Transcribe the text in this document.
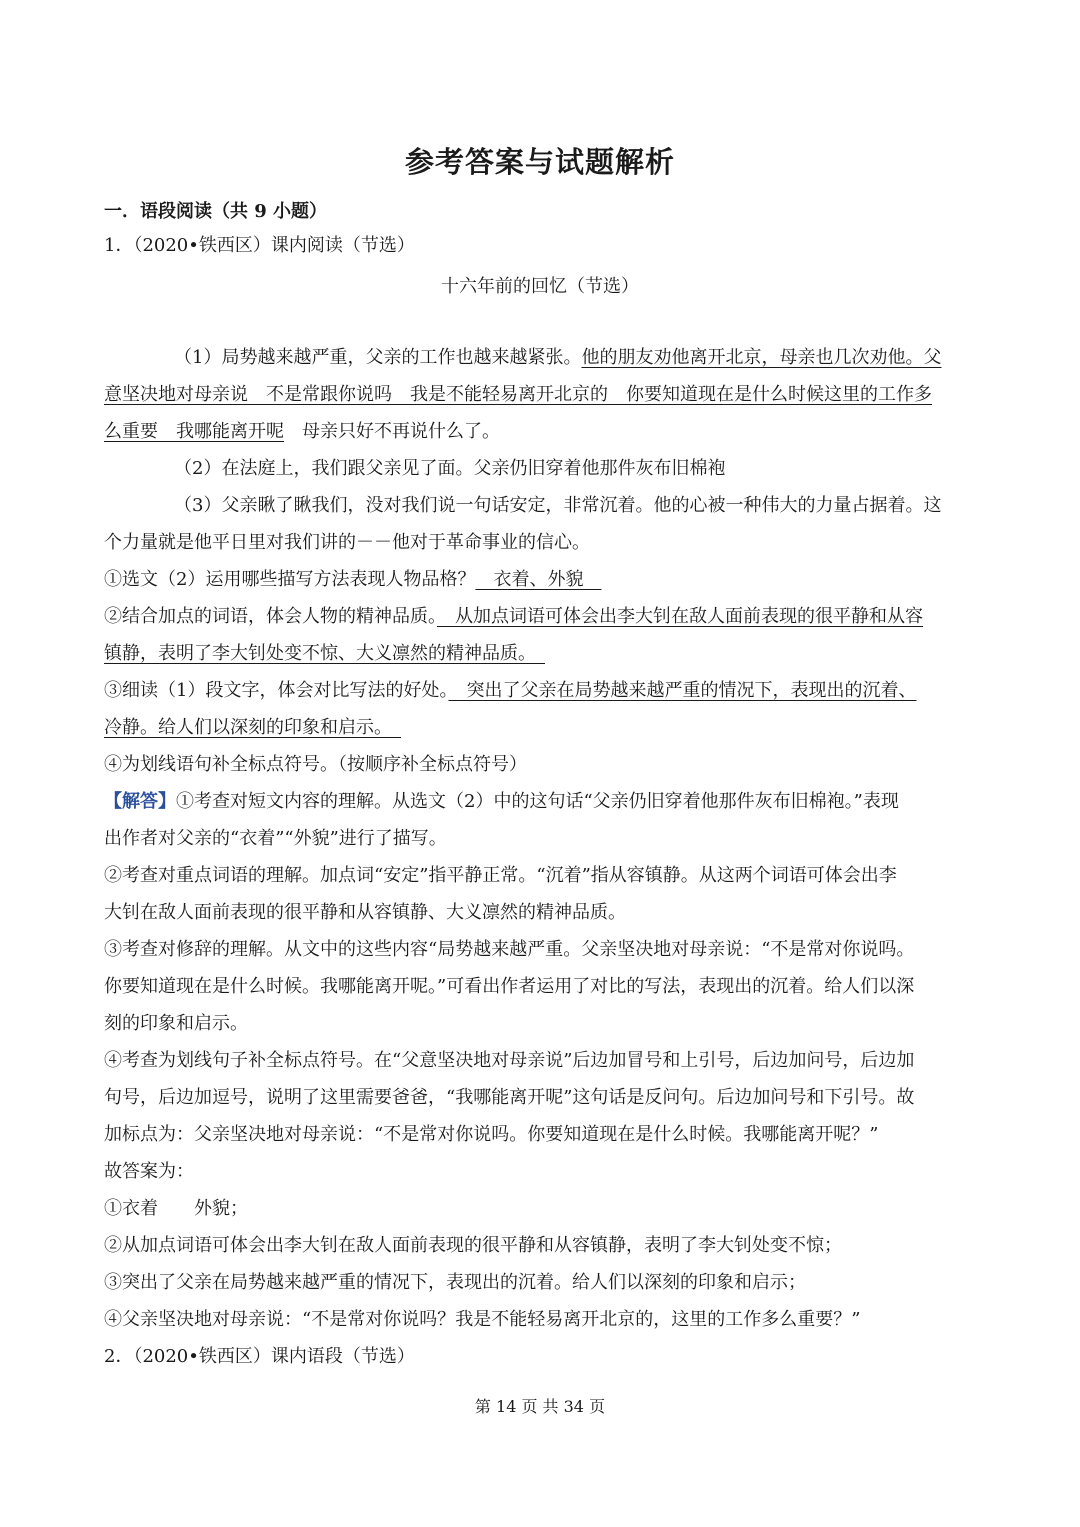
参考答案与试题解析
一．语段阅读（共 9 小题）
1．（2020•铁西区）课内阅读（节选）
十六年前的回忆（节选）
（1）局势越来越严重，父亲的工作也越来越紧张。他的朋友劝他离开北京，母亲也几次劝他。父
意坚决地对母亲说　不是常跟你说吗　我是不能轻易离开北京的　你要知道现在是什么时候这里的工作多
么重要　我哪能离开呢　 母亲只好不再说什么了。
（2）在法庭上，我们跟父亲见了面。父亲仍旧穿着他那件灰布旧棉袍
（3）父亲瞅了瞅我们，没对我们说一句话安定，非常沉着。他的心被一种伟大的力量占据着。这
个力量就是他平日里对我们讲的－－他对于革命事业的信心。
①选文（2）运用哪些描写方法表现人物品格？　衣着、外貌　
②结合加点的词语，体会人物的精神品质。　从加点词语可体会出李大钊在敌人面前表现的很平静和从容
镇静，表明了李大钊处变不惊、大义凛然的精神品质。　
③细读（1）段文字，体会对比写法的好处。　突出了父亲在局势越来越严重的情况下，表现出的沉着、
冷静。给人们以深刻的印象和启示。　
④为划线语句补全标点符号。（按顺序补全标点符号）
【解答】①考查对短文内容的理解。从选文（2）中的这句话“父亲仍旧穿着他那件灰布旧棉袍。”表现
出作者对父亲的“衣着”“外貌”进行了描写。
②考查对重点词语的理解。加点词“安定”指平静正常。“沉着”指从容镇静。从这两个词语可体会出李
大钊在敌人面前表现的很平静和从容镇静、大义凛然的精神品质。
③考查对修辞的理解。从文中的这些内容“局势越来越严重。父亲坚决地对母亲说：“不是常对你说吗。
你要知道现在是什么时候。我哪能离开呢。”可看出作者运用了对比的写法，表现出的沉着。给人们以深
刻的印象和启示。
④考查为划线句子补全标点符号。在“父意坚决地对母亲说”后边加冒号和上引号，后边加问号，后边加
句号，后边加逗号，说明了这里需要爸爸，“我哪能离开呢”这句话是反问句。后边加问号和下引号。故
加标点为：父亲坚决地对母亲说：“不是常对你说吗。你要知道现在是什么时候。我哪能离开呢？”
故答案为：
①衣着　　外貌；
②从加点词语可体会出李大钊在敌人面前表现的很平静和从容镇静，表明了李大钊处变不惊；
③突出了父亲在局势越来越严重的情况下，表现出的沉着。给人们以深刻的印象和启示；
④父亲坚决地对母亲说：“不是常对你说吗？我是不能轻易离开北京的，这里的工作多么重要？”
2．（2020•铁西区）课内语段（节选）
第 14 页 共 34 页
